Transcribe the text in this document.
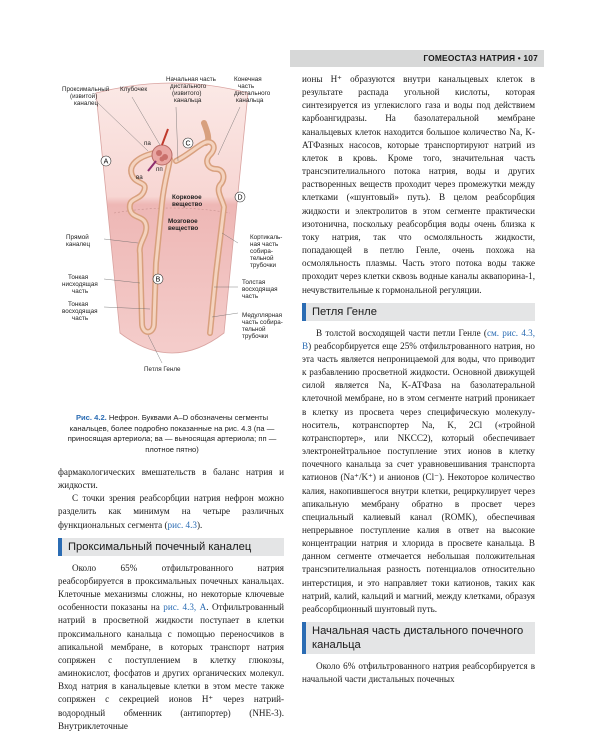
ГОМЕОСТАЗ НАТРИЯ • 107
A
C
D
B
Проксимальный
(извитой)
каналец
Клубочек
Начальная часть
дистального
(извитого)
канальца
Конечная
часть
дистального
канальца
па
ва
пп
Корковое
вещество
Мозговое
вещество
Прямой
каналец
Кортикаль-
ная часть
собира-
тельной
трубочки
Тонкая
нисходящая
часть
Толстая
восходящая
часть
Тонкая
восходящая
часть	Медуллярная
часть собира-
тельной
трубочки
Петля Генле
Рис. 4.2. Нефрон. Буквами A–D обозначены сегменты канальцев, более подробно показанные на рис. 4.3 (па — приносящая артериола; ва — выносящая артериола; пп — плотное пятно)

фармакологических вмешательств в баланс натрия и жидкости.

С точки зрения реабсорбции натрия нефрон можно разделить как минимум на четыре различных функциональных сегмента (рис. 4.3).

Проксимальный почечный каналец

Около 65% отфильтрованного натрия реабсорбируется в проксимальных почечных канальцах. Клеточные механизмы сложны, но некоторые ключевые особенности показаны на рис. 4.3, A. Отфильтрованный натрий в просветной жидкости поступает в клетки проксимального канальца с помощью переносчиков в апикальной мембране, в которых транспорт натрия сопряжен с поступлением в клетку глюкозы, аминокислот, фосфатов и других органических молекул. Вход натрия в канальцевые клетки в этом месте также сопряжен с секрецией ионов H⁺ через натрий-водородный обменник (антипортер) (NHE-3). Внутриклеточные

ионы H⁺ образуются внутри канальцевых клеток в результате распада угольной кислоты, которая синтезируется из углекислого газа и воды под действием карбоангидразы. На базолатеральной мембране канальцевых клеток находится большое количество Na, K-АТФазных насосов, которые транспортируют натрий из клеток в кровь. Кроме того, значительная часть трансэпителиального потока натрия, воды и других растворенных веществ проходит через промежутки между клетками («шунтовый» путь). В целом реабсорбция жидкости и электролитов в этом сегменте практически изотонична, поскольку реабсорбция воды очень близка к току натрия, так что осмоляльность жидкости, попадающей в петлю Генле, очень похожа на осмоляльность плазмы. Часть этого потока воды также проходит через клетки сквозь водные каналы аквапорина-1, нечувствительные к гормональной регуляции.

Петля Генле

В толстой восходящей части петли Генле (см. рис. 4.3, B) реабсорбируется еще 25% отфильтрованного натрия, но эта часть является непроницаемой для воды, что приводит к разбавлению просветной жидкости. Основной движущей силой является Na, K-АТФаза на базолатеральной клеточной мембране, но в этом сегменте натрий проникает в клетку из просвета через специфическую молекулу-носитель, котранспортер Na, K, 2Cl («тройной котранспортер», или NKCC2), который обеспечивает электронейтральное поступление этих ионов в клетку почечного канальца за счет уравновешивания транспорта катионов (Na⁺/K⁺) и анионов (Cl⁻). Некоторое количество калия, накопившегося внутри клетки, рециркулирует через апикальную мембрану обратно в просвет через специальный калиевый канал (ROMK), обеспечивая непрерывное поступление калия в ответ на высокие концентрации натрия и хлорида в просвете канальца. В данном сегменте отмечается небольшая положительная трансэпителиальная разность потенциалов относительно интерстиция, и это направляет токи катионов, таких как натрий, калий, кальций и магний, между клетками, образуя реабсорбционный шунтовый путь.

Начальная часть дистального почечного канальца

Около 6% отфильтрованного натрия реабсорбируется в начальной части дистальных почечных
